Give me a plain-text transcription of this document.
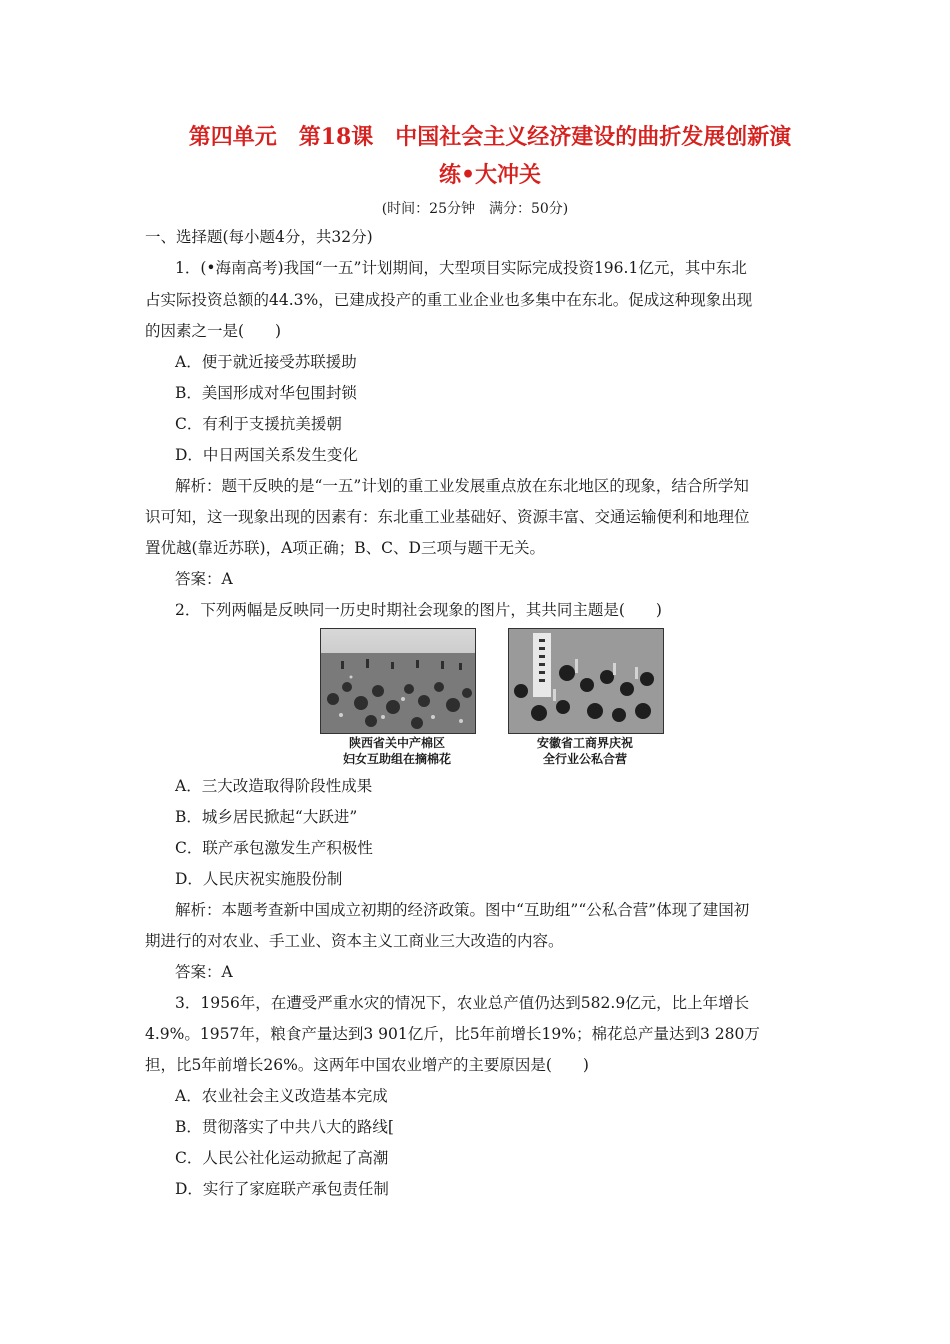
第四单元　第18课　中国社会主义经济建设的曲折发展创新演
练•大冲关
(时间：25分钟　满分：50分)
一、选择题(每小题4分，共32分)
1．(•海南高考)我国“一五”计划期间，大型项目实际完成投资196.1亿元，其中东北
占实际投资总额的44.3%，已建成投产的重工业企业也多集中在东北。促成这种现象出现
的因素之一是(　　)
A．便于就近接受苏联援助
B．美国形成对华包围封锁
C．有利于支援抗美援朝
D．中日两国关系发生变化
解析：题干反映的是“一五”计划的重工业发展重点放在东北地区的现象，结合所学知
识可知，这一现象出现的因素有：东北重工业基础好、资源丰富、交通运输便利和地理位
置优越(靠近苏联)，A项正确；B、C、D三项与题干无关。
答案：A
2．下列两幅是反映同一历史时期社会现象的图片，其共同主题是(　　)
陕西省关中产棉区
妇女互助组在摘棉花
安徽省工商界庆祝
全行业公私合营
A．三大改造取得阶段性成果
B．城乡居民掀起“大跃进”
C．联产承包激发生产积极性
D．人民庆祝实施股份制
解析：本题考查新中国成立初期的经济政策。图中“互助组”“公私合营”体现了建国初
期进行的对农业、手工业、资本主义工商业三大改造的内容。
答案：A
3．1956年，在遭受严重水灾的情况下，农业总产值仍达到582.9亿元，比上年增长
4.9%。1957年，粮食产量达到3 901亿斤，比5年前增长19%；棉花总产量达到3 280万
担，比5年前增长26%。这两年中国农业增产的主要原因是(　　)
A．农业社会主义改造基本完成
B．贯彻落实了中共八大的路线[
C．人民公社化运动掀起了高潮
D．实行了家庭联产承包责任制
